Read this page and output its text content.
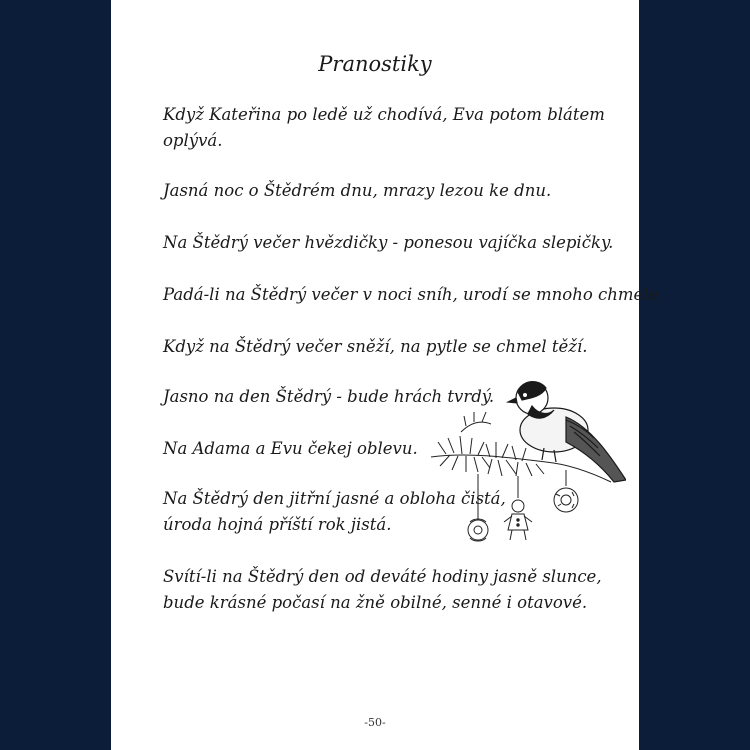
Pranostiky
Když Kateřina po ledě už chodívá, Eva potom blátem
oplývá.
Jasná noc o Štědrém dnu, mrazy lezou ke dnu.
Na Štědrý večer hvězdičky - ponesou vajíčka slepičky.
Padá-li na Štědrý večer v noci sníh, urodí se mnoho chmele.
Když na Štědrý večer sněží, na pytle se chmel těží.
Jasno na den Štědrý - bude hrách tvrdý.
Na Adama a Evu čekej oblevu.
Na Štědrý den jitřní jasné a obloha čistá,
úroda hojná příští rok jistá.
Svítí-li na Štědrý den od deváté hodiny jasně slunce,
bude krásné počasí na žně obilné, senné i otavové.
-50-
